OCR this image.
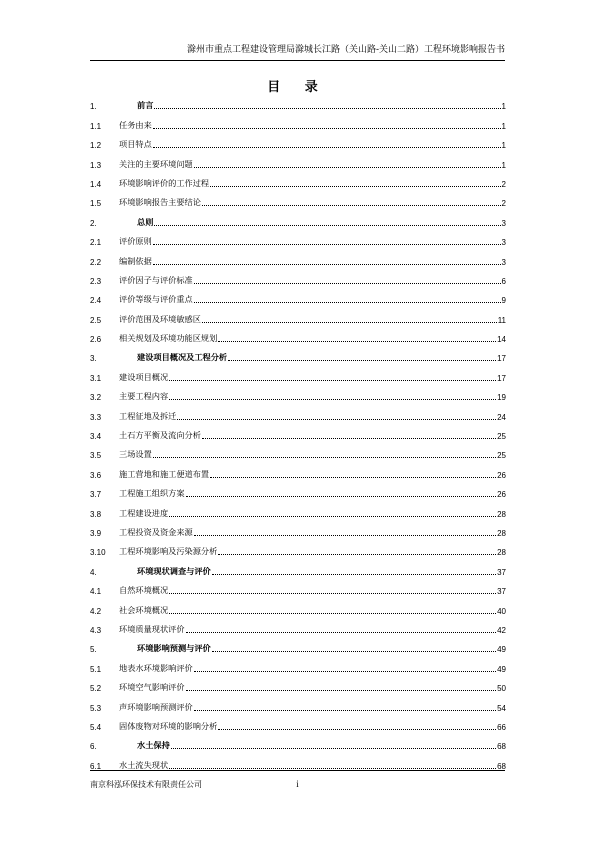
滁州市重点工程建设管理局滁城长江路（关山路-关山二路）工程环境影响报告书
目 录
1.	前言	1
1.1	任务由来	1
1.2	项目特点	1
1.3	关注的主要环境问题	1
1.4	环境影响评价的工作过程	2
1.5	环境影响报告主要结论	2
2.	总则	3
2.1	评价原则	3
2.2	编制依据	3
2.3	评价因子与评价标准	6
2.4	评价等级与评价重点	9
2.5	评价范围及环境敏感区	11
2.6	相关规划及环境功能区规划	14
3.	建设项目概况及工程分析	17
3.1	建设项目概况	17
3.2	主要工程内容	19
3.3	工程征地及拆迁	24
3.4	土石方平衡及流向分析	25
3.5	三场设置	25
3.6	施工营地和施工便道布置	26
3.7	工程施工组织方案	26
3.8	工程建设进度	28
3.9	工程投资及资金来源	28
3.10	工程环境影响及污染源分析	28
4.	环境现状调查与评价	37
4.1	自然环境概况	37
4.2	社会环境概况	40
4.3	环境质量现状评价	42
5.	环境影响预测与评价	49
5.1	地表水环境影响评价	49
5.2	环境空气影响评价	50
5.3	声环境影响预测评价	54
5.4	固体废物对环境的影响分析	66
6.	水土保持	68
6.1	水土流失现状	68
南京科泓环保技术有限责任公司	i
